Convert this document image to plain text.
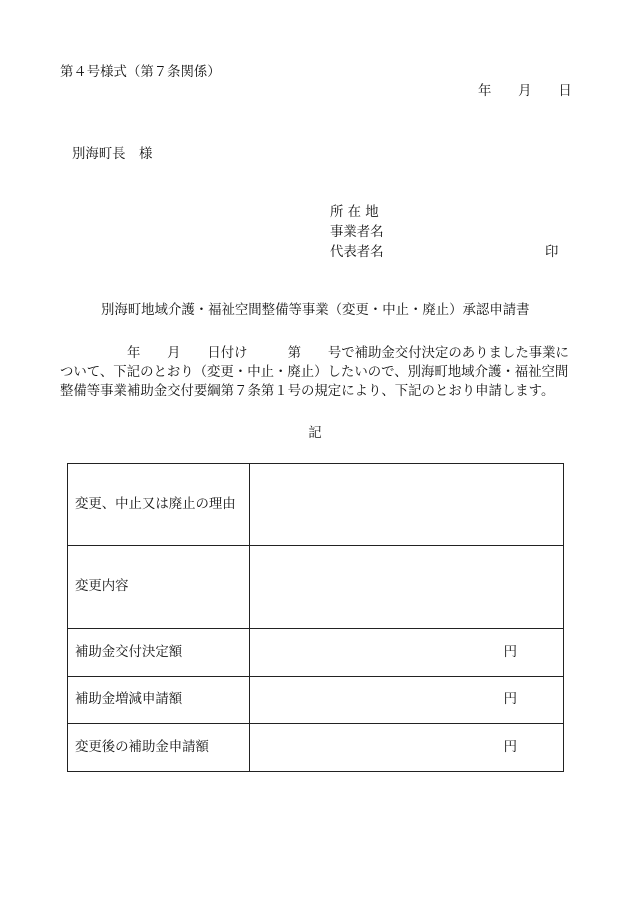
第４号様式（第７条関係）
年　　月　　日
別海町長　様
所 在 地
事業者名
代表者名	印
別海町地域介護・福祉空間整備等事業（変更・中止・廃止）承認申請書
年　　月　　日付け　　　第　　号で補助金交付決定のありました事業に
ついて、下記のとおり（変更・中止・廃止）したいので、別海町地域介護・福祉空間
整備等事業補助金交付要綱第７条第１号の規定により、下記のとおり申請します。
記
変更、中止又は廃止の理由	
変更内容	
補助金交付決定額	円
補助金増減申請額	円
変更後の補助金申請額	円
